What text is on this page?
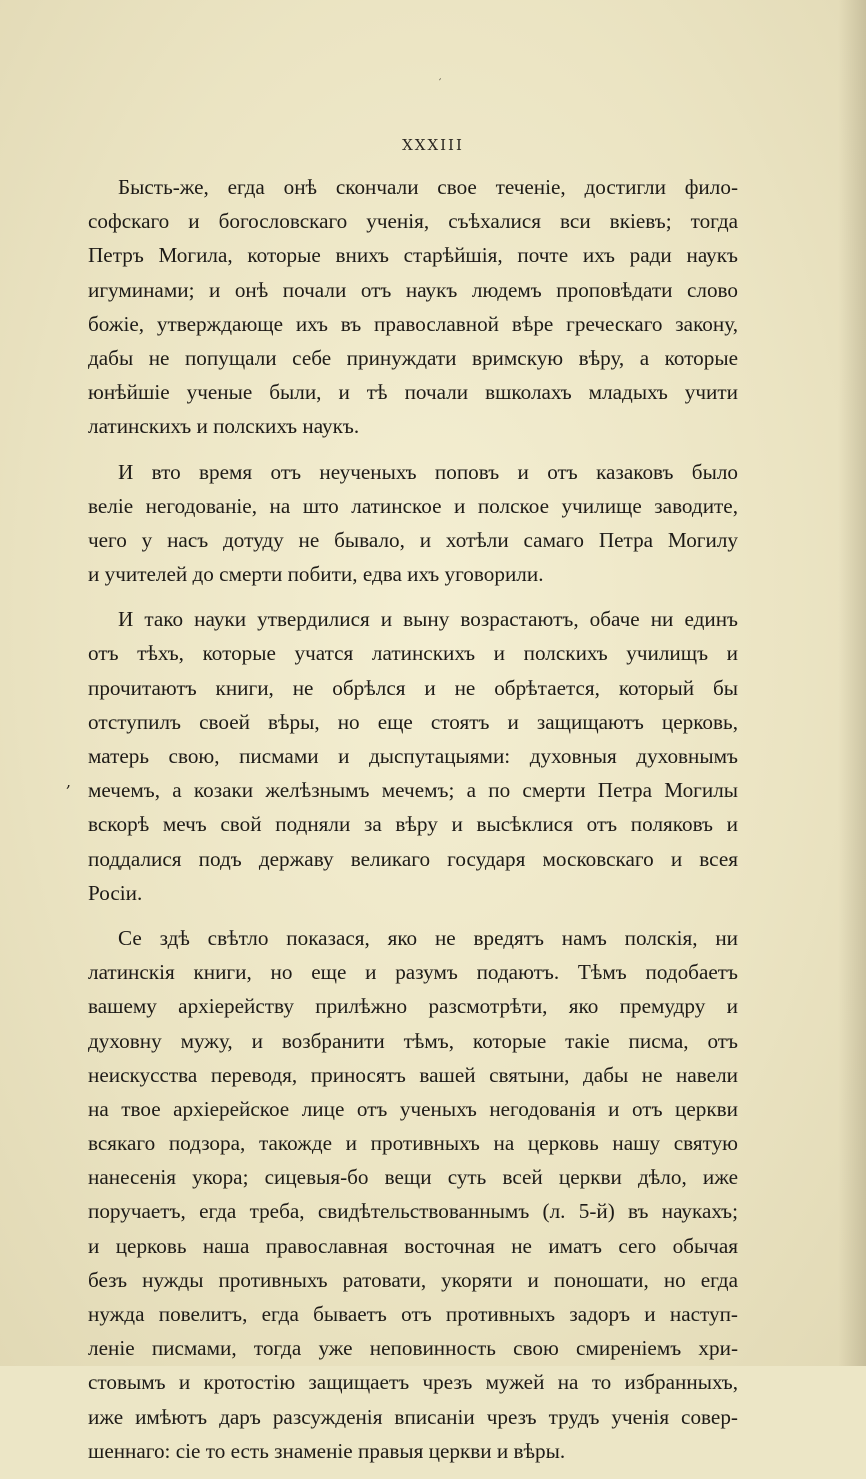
XXXIII
′
,
Бысть-же, егда онѣ скончали свое теченіе, достигли фило-
софскаго и богословскаго ученія, съѣхалися вси вкіевъ; тогда
Петръ Могила, которые внихъ старѣйшія, почте ихъ ради наукъ
игуминами; и онѣ почали отъ наукъ людемъ проповѣдати слово
божіе, утверждающе ихъ въ православной вѣре греческаго закону,
дабы не попущали себе принуждати вримскую вѣру, а которые
юнѣйшіе ученые были, и тѣ почали вшколахъ младыхъ учити
латинскихъ и полскихъ наукъ.
И вто время отъ неученыхъ поповъ и отъ казаковъ было
веліе негодованіе, на што латинское и полское училище заводите,
чего у насъ дотуду не бывало, и хотѣли самаго Петра Могилу
и учителей до смерти побити, едва ихъ уговорили.
И тако науки утвердилися и выну возрастаютъ, обаче ни единъ
отъ тѣхъ, которые учатся латинскихъ и полскихъ училищъ и
прочитаютъ книги, не обрѣлся и не обрѣтается, который бы
отступилъ своей вѣры, но еще стоятъ и защищаютъ церковь,
матерь свою, писмами и дыспутацыями: духовныя духовнымъ
мечемъ, а козаки желѣзнымъ мечемъ; а по смерти Петра Могилы
вскорѣ мечъ свой подняли за вѣру и высѣклися отъ поляковъ и
поддалися подъ державу великаго государя московскаго и всея
Росіи.
Се здѣ свѣтло показася, яко не вредятъ намъ полскія, ни
латинскія книги, но еще и разумъ подаютъ. Тѣмъ подобаетъ
вашему архіерейству прилѣжно разсмотрѣти, яко премудру и
духовну мужу, и возбранити тѣмъ, которые такіе писма, отъ
неискусства переводя, приносятъ вашей святыни, дабы не навели
на твое архіерейское лице отъ ученыхъ негодованія и отъ церкви
всякаго подзора, такожде и противныхъ на церковь нашу святую
нанесенія укора; сицевыя-бо вещи суть всей церкви дѣло, иже
поручаетъ, егда треба, свидѣтельствованнымъ (л. 5-й) въ наукахъ;
и церковь наша православная восточная не иматъ сего обычая
безъ нужды противныхъ ратовати, укоряти и поношати, но егда
нужда повелитъ, егда бываетъ отъ противныхъ задоръ и наступ-
леніе писмами, тогда уже неповинность свою смиреніемъ хри-
стовымъ и кротостію защищаетъ чрезъ мужей на то избранныхъ,
иже имѣютъ даръ разсужденія вписаніи чрезъ трудъ ученія совер-
шеннаго: сіе то есть знаменіе правыя церкви и вѣры.
